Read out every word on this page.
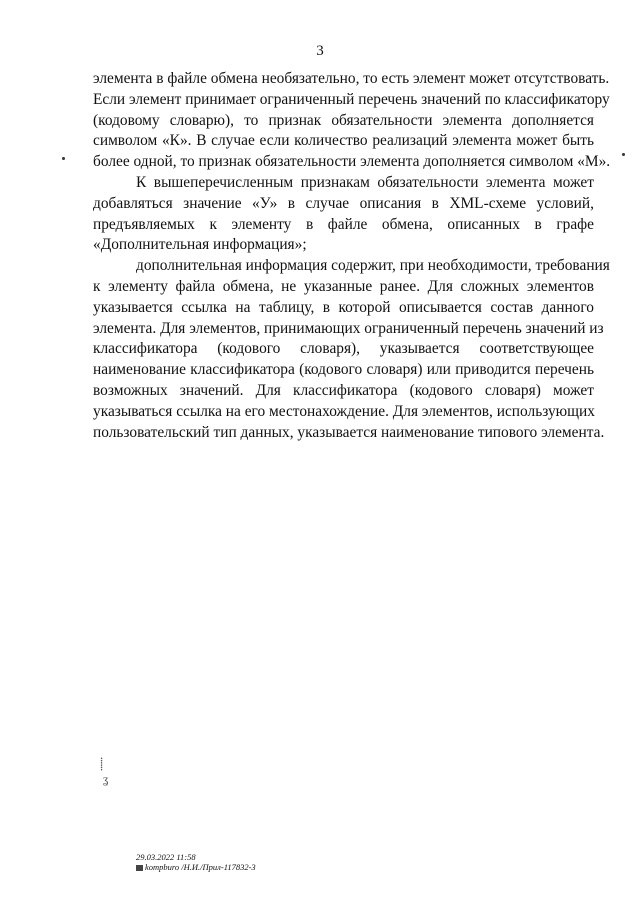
3
элемента в файле обмена необязательно, то есть элемент может отсутствовать.
Если элемент принимает ограниченный перечень значений по классификатору
(кодовому словарю), то признак обязательности элемента дополняется
символом «К». В случае если количество реализаций элемента может быть
более одной, то признак обязательности элемента дополняется символом «М».
К вышеперечисленным признакам обязательности элемента может
добавляться значение «У» в случае описания в XML-схеме условий,
предъявляемых к элементу в файле обмена, описанных в графе
«Дополнительная информация»;
дополнительная информация содержит, при необходимости, требования
к элементу файла обмена, не указанные ранее. Для сложных элементов
указывается ссылка на таблицу, в которой описывается состав данного
элемента. Для элементов, принимающих ограниченный перечень значений из
классификатора (кодового словаря), указывается соответствующее
наименование классификатора (кодового словаря) или приводится перечень
возможных значений. Для классификатора (кодового словаря) может
указываться ссылка на его местонахождение. Для элементов, использующих
пользовательский тип данных, указывается наименование типового элемента.
⸽
ʓ
29.03.2022 11:58
kompburo /Н.И./Прил-117832-3
